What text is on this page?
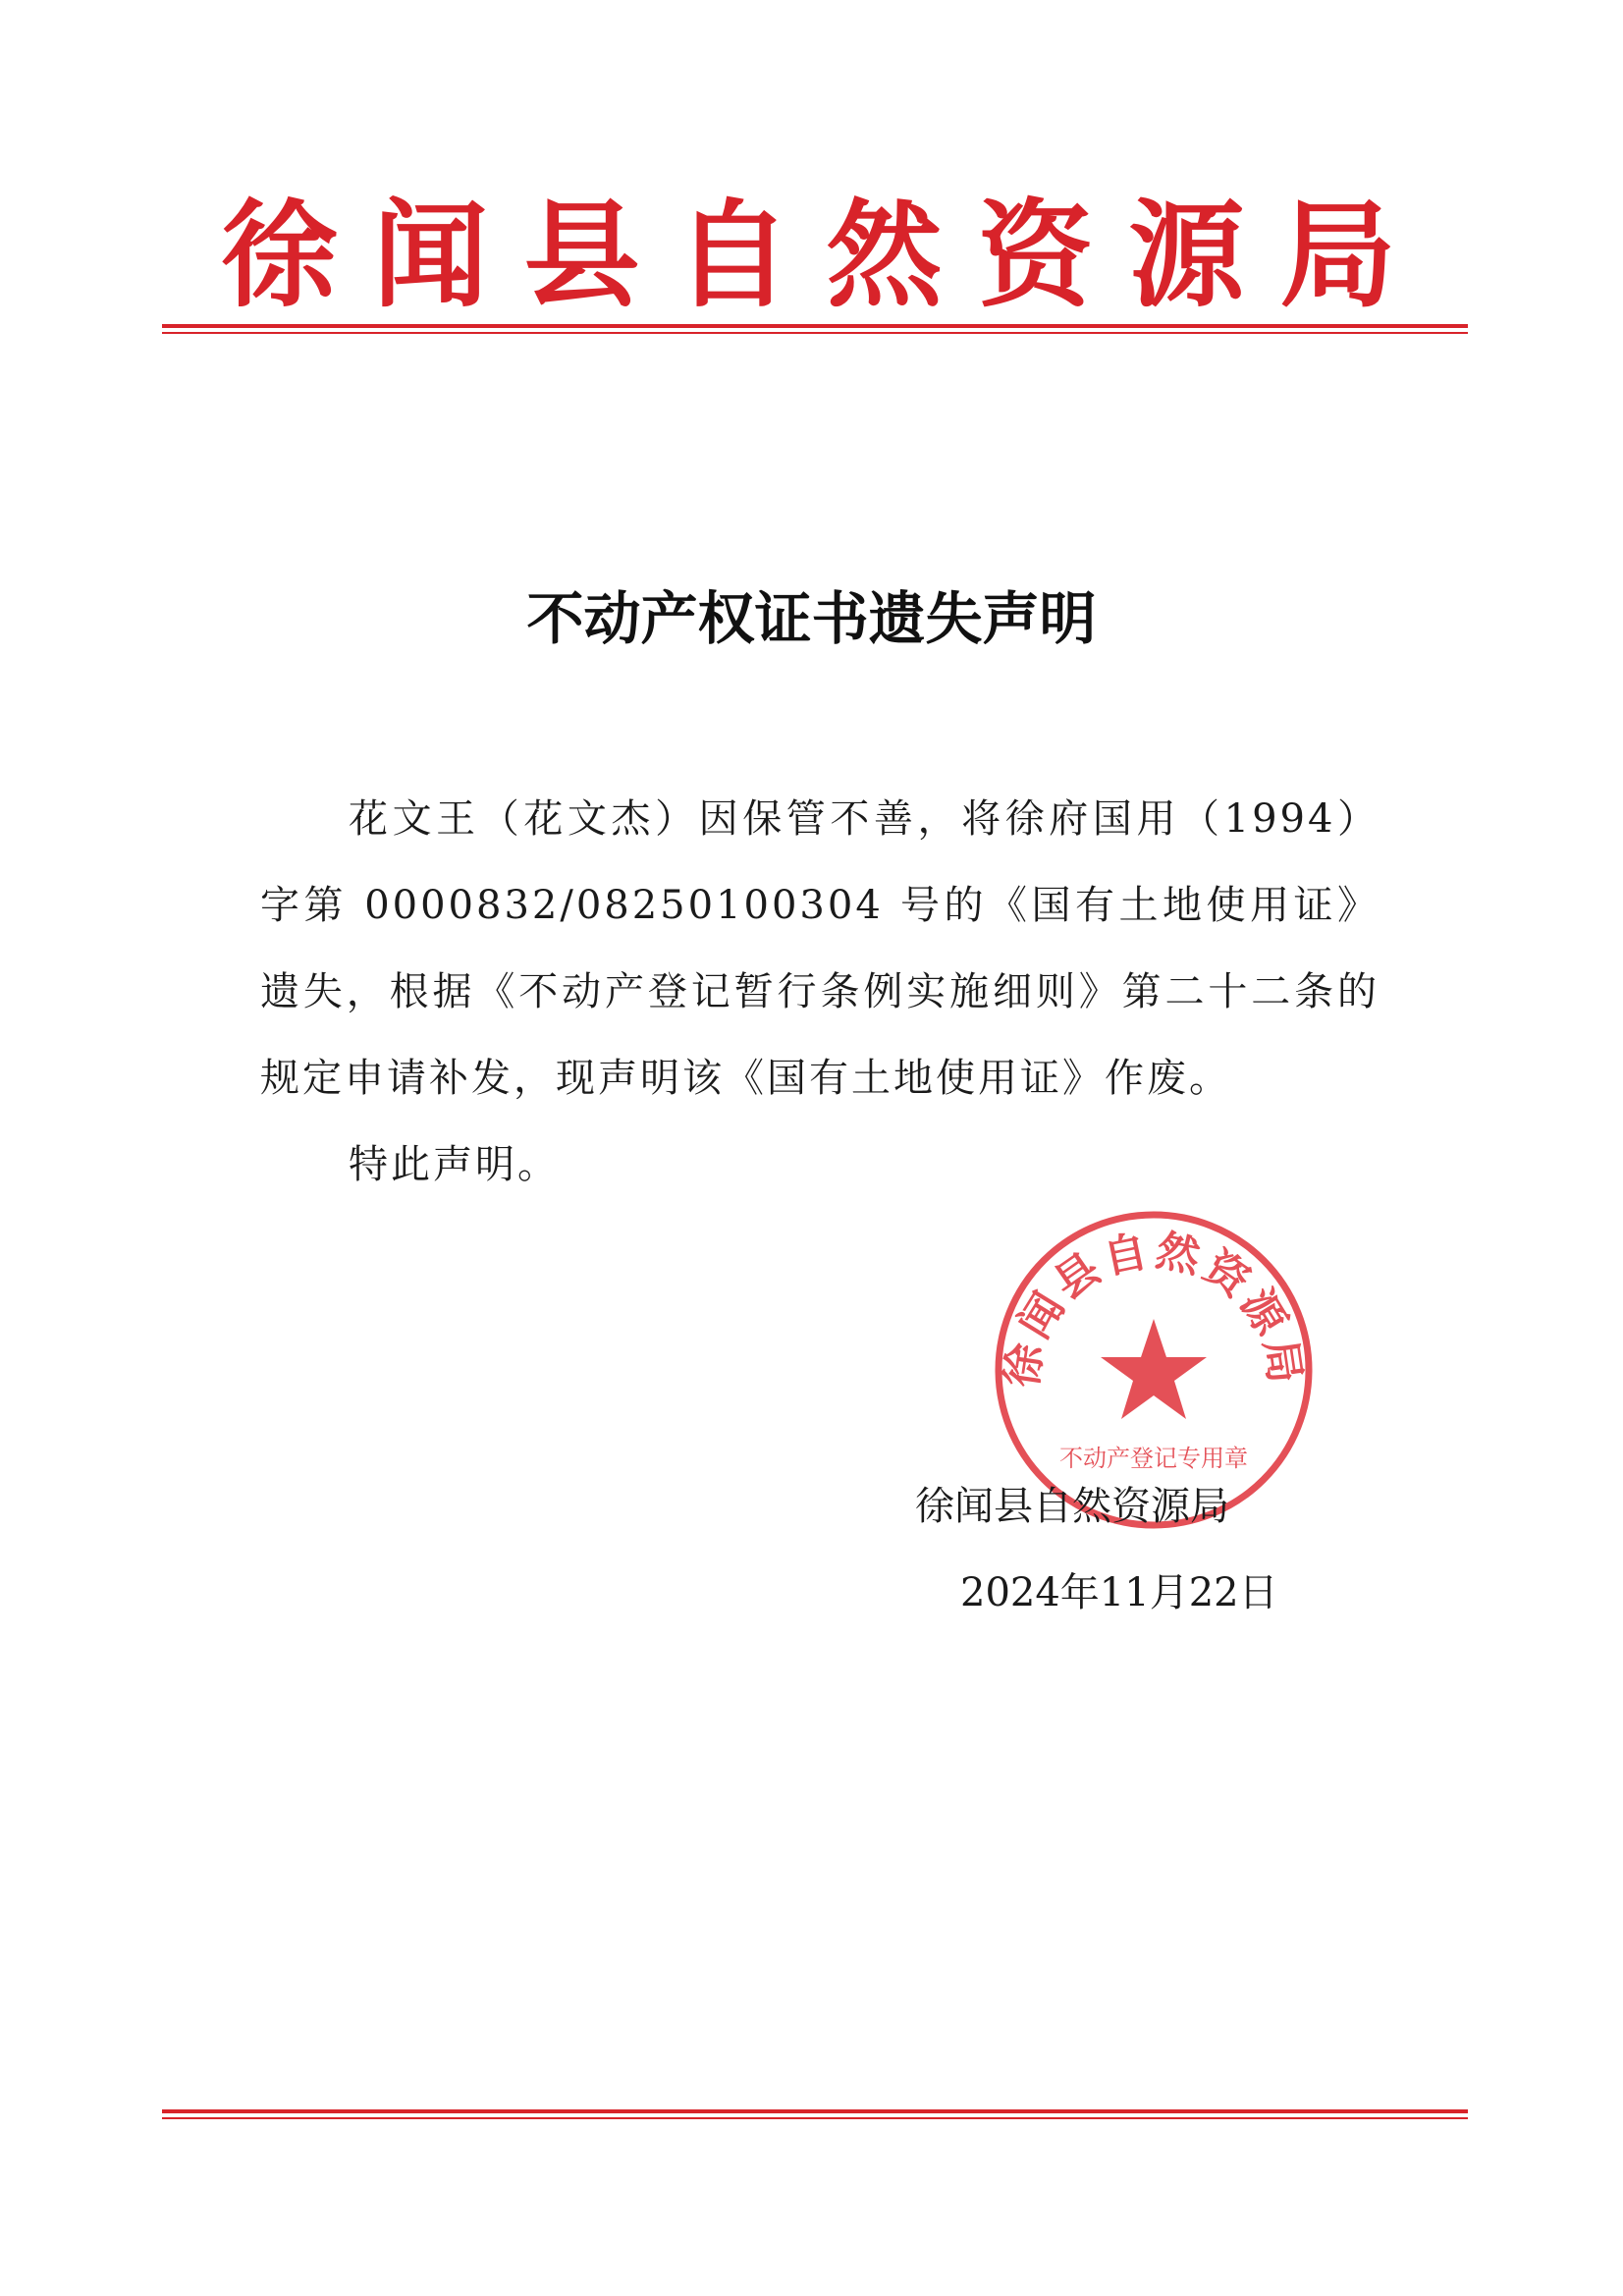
徐闻县自然资源局
不动产权证书遗失声明

花文王（花文杰）因保管不善，将徐府国用（1994）字第 0000832/08250100304 号的《国有土地使用证》遗失，根据《不动产登记暂行条例实施细则》第二十二条的规定申请补发，现声明该《国有土地使用证》作废。

特此声明。

徐闻县自然资源局
不动产登记专用章
徐闻县自然资源局
2024年11月22日
